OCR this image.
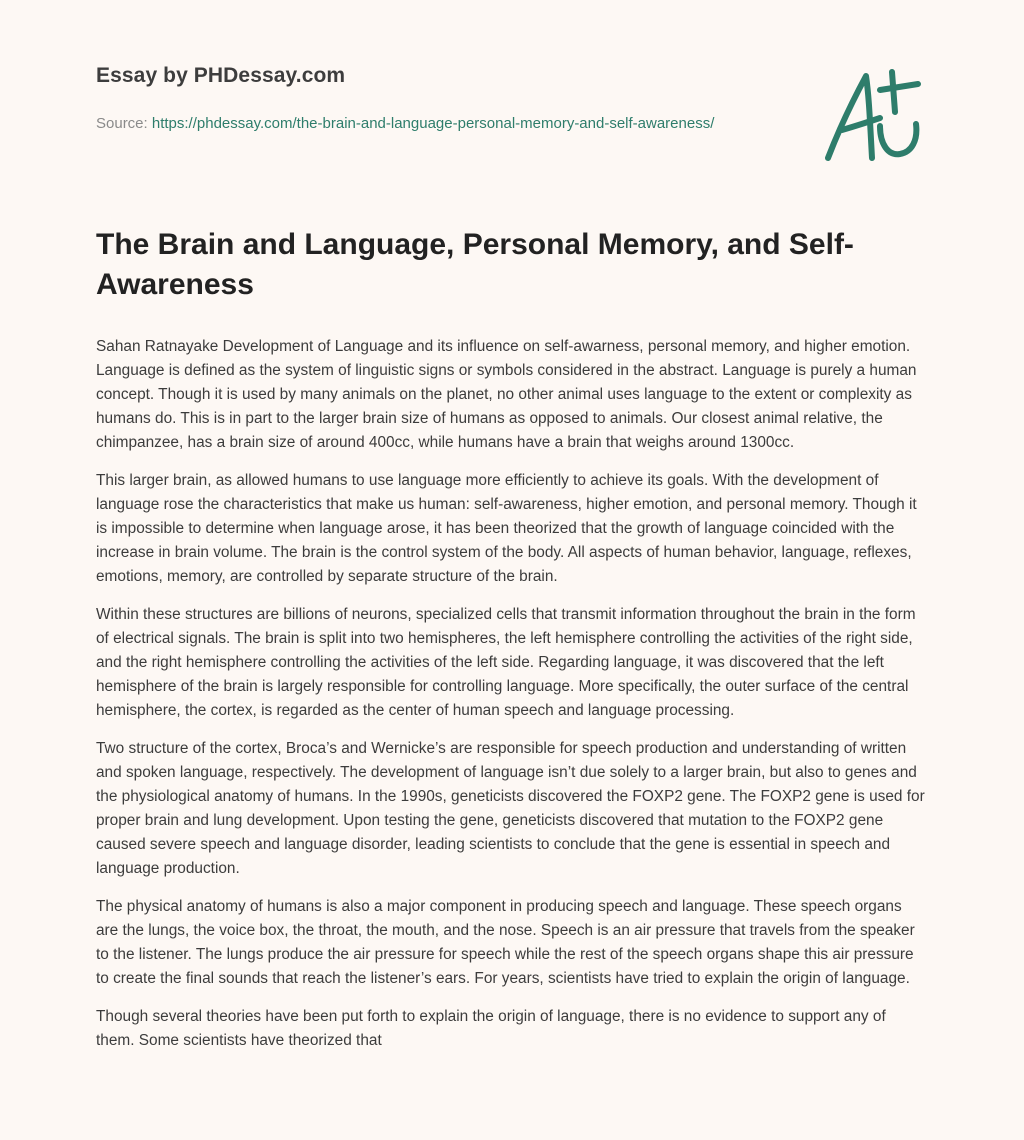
Essay by PHDessay.com
Source: https://phdessay.com/the-brain-and-language-personal-memory-and-self-awareness/
The Brain and Language, Personal Memory, and Self-Awareness

Sahan Ratnayake Development of Language and its influence on self-awarness, personal memory, and higher emotion. Language is defined as the system of linguistic signs or symbols considered in the abstract. Language is purely a human concept. Though it is used by many animals on the planet, no other animal uses language to the extent or complexity as humans do. This is in part to the larger brain size of humans as opposed to animals. Our closest animal relative, the chimpanzee, has a brain size of around 400cc, while humans have a brain that weighs around 1300cc.

This larger brain, as allowed humans to use language more efficiently to achieve its goals. With the development of language rose the characteristics that make us human: self-awareness, higher emotion, and personal memory. Though it is impossible to determine when language arose, it has been theorized that the growth of language coincided with the increase in brain volume. The brain is the control system of the body. All aspects of human behavior, language, reflexes, emotions, memory, are controlled by separate structure of the brain.

Within these structures are billions of neurons, specialized cells that transmit information throughout the brain in the form of electrical signals. The brain is split into two hemispheres, the left hemisphere controlling the activities of the right side, and the right hemisphere controlling the activities of the left side. Regarding language, it was discovered that the left hemisphere of the brain is largely responsible for controlling language. More specifically, the outer surface of the central hemisphere, the cortex, is regarded as the center of human speech and language processing.

Two structure of the cortex, Broca’s and Wernicke’s are responsible for speech production and understanding of written and spoken language, respectively. The development of language isn’t due solely to a larger brain, but also to genes and the physiological anatomy of humans. In the 1990s, geneticists discovered the FOXP2 gene. The FOXP2 gene is used for proper brain and lung development. Upon testing the gene, geneticists discovered that mutation to the FOXP2 gene caused severe speech and language disorder, leading scientists to conclude that the gene is essential in speech and language production.

The physical anatomy of humans is also a major component in producing speech and language. These speech organs are the lungs, the voice box, the throat, the mouth, and the nose. Speech is an air pressure that travels from the speaker to the listener. The lungs produce the air pressure for speech while the rest of the speech organs shape this air pressure to create the final sounds that reach the listener’s ears. For years, scientists have tried to explain the origin of language.

Though several theories have been put forth to explain the origin of language, there is no evidence to support any of them. Some scientists have theorized that
